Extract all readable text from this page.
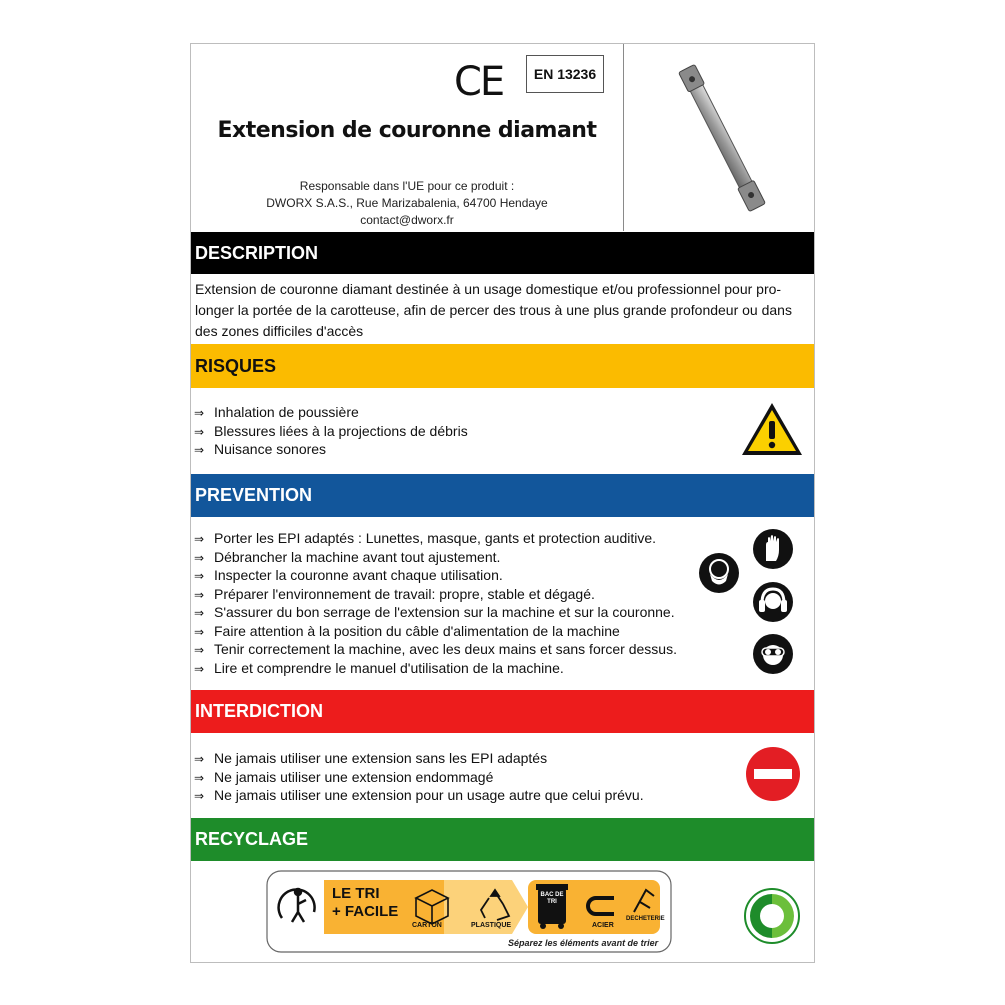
CE	EN 13236
Extension de couronne diamant
Responsable dans l'UE pour ce produit :
DWORX S.A.S., Rue Marizabalenia, 64700 Hendaye
contact@dworx.fr
DESCRIPTION
Extension de couronne diamant destinée à un usage domestique et/ou professionnel pour pro-longer la portée de la carotteuse, afin de percer des trous à une plus grande profondeur ou dans des zones difficiles d'accès
RISQUES
⇒ Inhalation de poussière
⇒ Blessures liées à la projections de débris
⇒ Nuisance sonores
PREVENTION
⇒ Porter les EPI adaptés : Lunettes, masque, gants et protection auditive.
⇒ Débrancher la machine avant tout ajustement.
⇒ Inspecter la couronne avant chaque utilisation.
⇒ Préparer l'environnement de travail: propre, stable et dégagé.
⇒ S'assurer du bon serrage de l'extension sur la machine et sur la couronne.
⇒ Faire attention à la position du câble d'alimentation de la machine
⇒ Tenir correctement la machine, avec les deux mains et sans forcer dessus.
⇒ Lire et comprendre le manuel d'utilisation de la machine.
INTERDICTION
⇒ Ne jamais utiliser une extension sans les EPI adaptés
⇒ Ne jamais utiliser une extension endommagé
⇒ Ne jamais utiliser une extension pour un usage autre que celui prévu.
RECYCLAGE
LE TRI
+ FACILE
CARTON	PLASTIQUE
BAC DE TRI
ACIER
DECHETERIE
Séparez les éléments avant de trier
